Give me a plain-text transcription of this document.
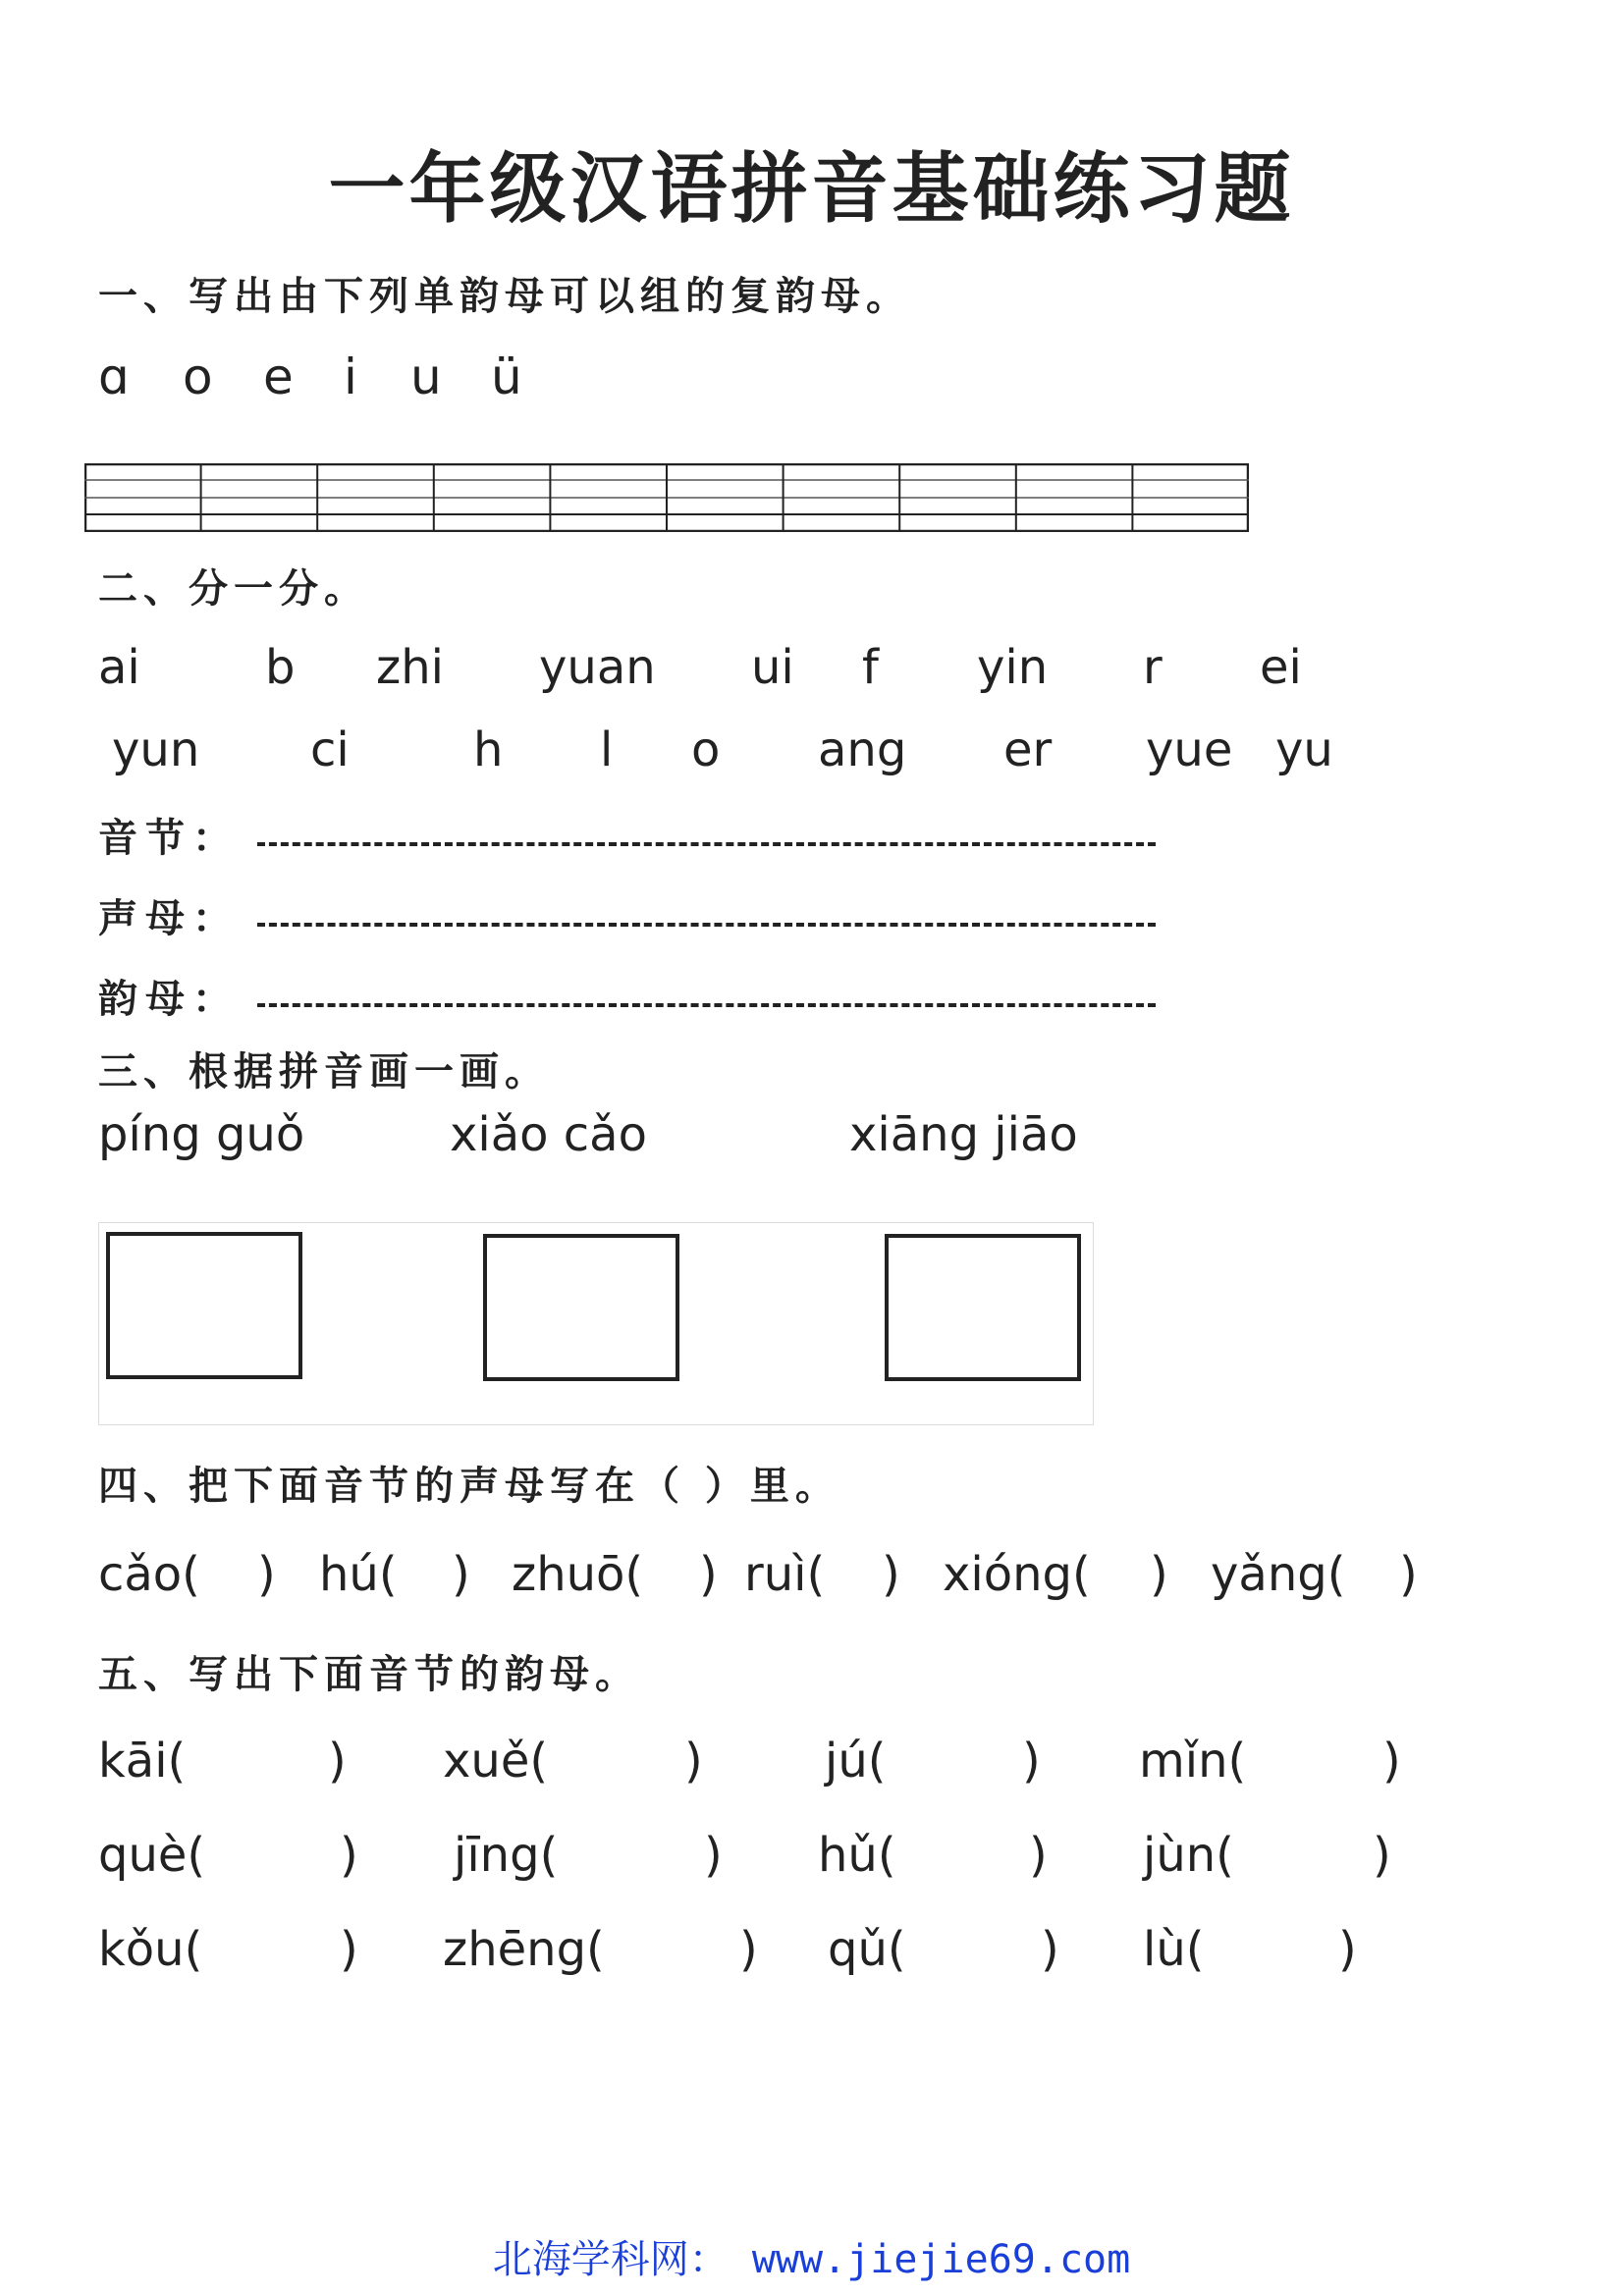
一年级汉语拼音基础练习题
一、写出由下列单韵母可以组的复韵母。
ɑ o e i u ü
二、分一分。
ai	b zhi yuan ui f yin r ei
yun ci	h l o ang er yue yu
音节：
声母：
韵母：
三、根据拼音画一画。
píng guǒ	xiǎo cǎo	xiāng jiāo
四、把下面音节的声母写在（ ）里。
cǎo( ) hú( ) zhuō( ) ruì( ) xióng( ) yǎng( )
五、写出下面音节的韵母。
kāi(	) xuě(	)	jú(	) mǐn(	)
què(	) jīng(	) hǔ(	) jùn(	)
kǒu(	) zhēng(	) qǔ(	) lù(	)
北海学科网： www.jiejie69.com
